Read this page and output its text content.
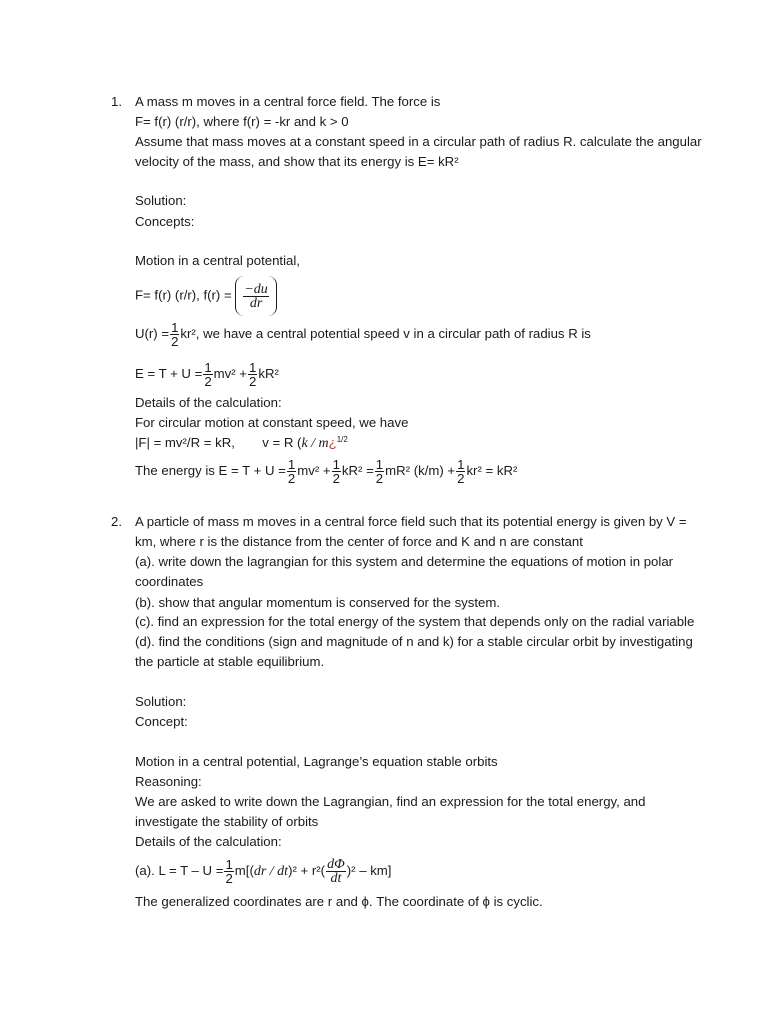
1. A mass m moves in a central force field. The force is
F= f(r) (r/r), where f(r) = -kr and k > 0
Assume that mass moves at a constant speed in a circular path of radius R. calculate the angular
velocity of the mass, and show that its energy is E= kR²
Solution:
Concepts:
Motion in a central potential,
F= f(r) (r/r), $f(r) = \frac{-du}{dr}$
$U(r) = \frac{1}{2} kr^2$, we have a central potential speed v in a circular path of radius R is
$E = T + U = \frac{1}{2} mv^2 + \frac{1}{2} kR^2$
Details of the calculation:
For circular motion at constant speed, we have
|F| = mv²/R = kR, v = R (k / m¿$^{1/2}$
The energy is $E = T + U = \frac{1}{2} mv^2 + \frac{1}{2} kR^2 = \frac{1}{2} mR^2$ $(k/m) + \frac{1}{2} kr^2 = kR^2$
2. A particle of mass m moves in a central force field such that its potential energy is given by V =
km, where r is the distance from the center of force and K and n are constant
(a). write down the lagrangian for this system and determine the equations of motion in polar
coordinates
(b). show that angular momentum is conserved for the system.
(c). find an expression for the total energy of the system that depends only on the radial variable
(d). find the conditions (sign and magnitude of n and k) for a stable circular orbit by investigating
the particle at stable equilibrium.
Solution:
Concept:
Motion in a central potential, Lagrange’s equation stable orbits
Reasoning:
We are asked to write down the Lagrangian, find an expression for the total energy, and
investigate the stability of orbits
Details of the calculation:
(a). $L = T - U = \frac{1}{2} m[(dr / dt)^2 + r^2( \frac{d\Phi}{dt} )^2 - km]$
The generalized coordinates are r and ϕ. The coordinate of ϕ is cyclic.
